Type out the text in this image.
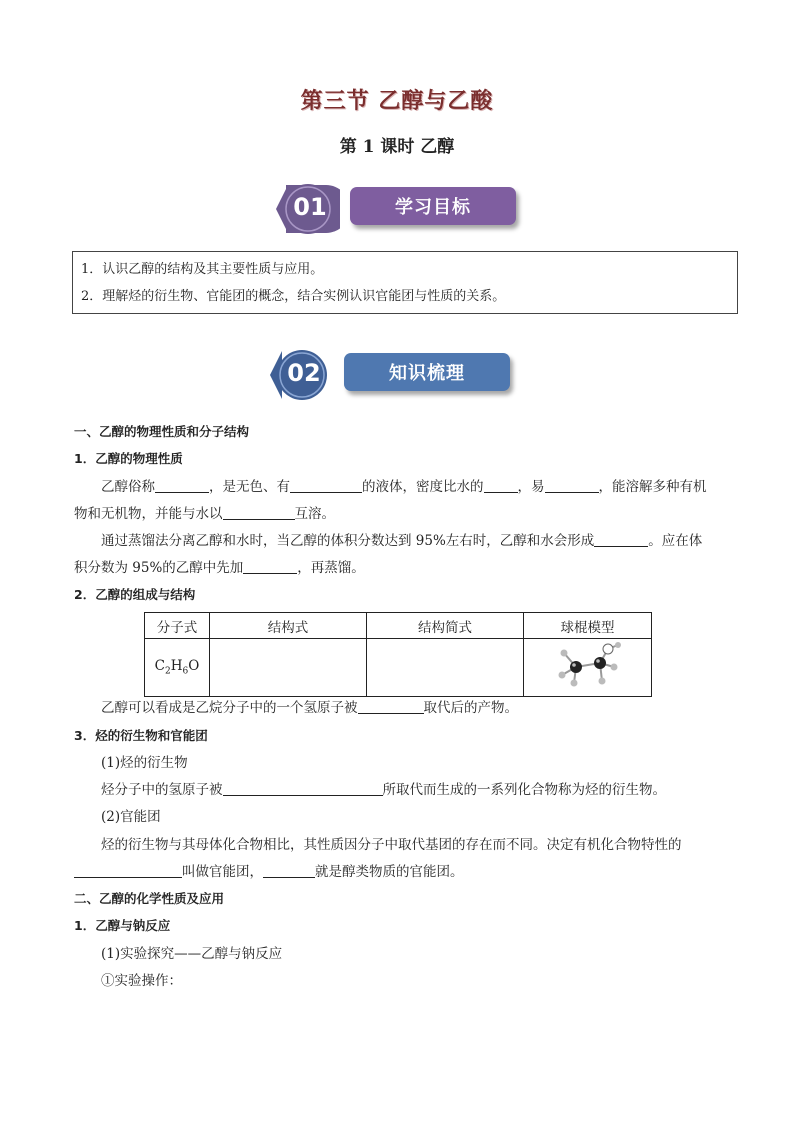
第三节 乙醇与乙酸
第 1 课时 乙醇
01	学习目标
1．认识乙醇的结构及其主要性质与应用。
2．理解烃的衍生物、官能团的概念，结合实例认识官能团与性质的关系。
02	知识梳理
一、乙醇的物理性质和分子结构
1．乙醇的物理性质
乙醇俗称	，是无色、有	的液体，密度比水的	，易	，能溶解多种有机
物和无机物，并能与水以	互溶。
通过蒸馏法分离乙醇和水时，当乙醇的体积分数达到 95%左右时，乙醇和水会形成	。应在体
积分数为 95%的乙醇中先加	，再蒸馏。
2．乙醇的组成与结构
分子式	结构式	结构简式	球棍模型
$C_2H_6O$			
乙醇可以看成是乙烷分子中的一个氢原子被	取代后的产物。
3．烃的衍生物和官能团
(1)烃的衍生物
烃分子中的氢原子被	所取代而生成的一系列化合物称为烃的衍生物。
(2)官能团
烃的衍生物与其母体化合物相比，其性质因分子中取代基团的存在而不同。决定有机化合物特性的
叫做官能团，	就是醇类物质的官能团。
二、乙醇的化学性质及应用
1．乙醇与钠反应
(1)实验探究——乙醇与钠反应
①实验操作：
